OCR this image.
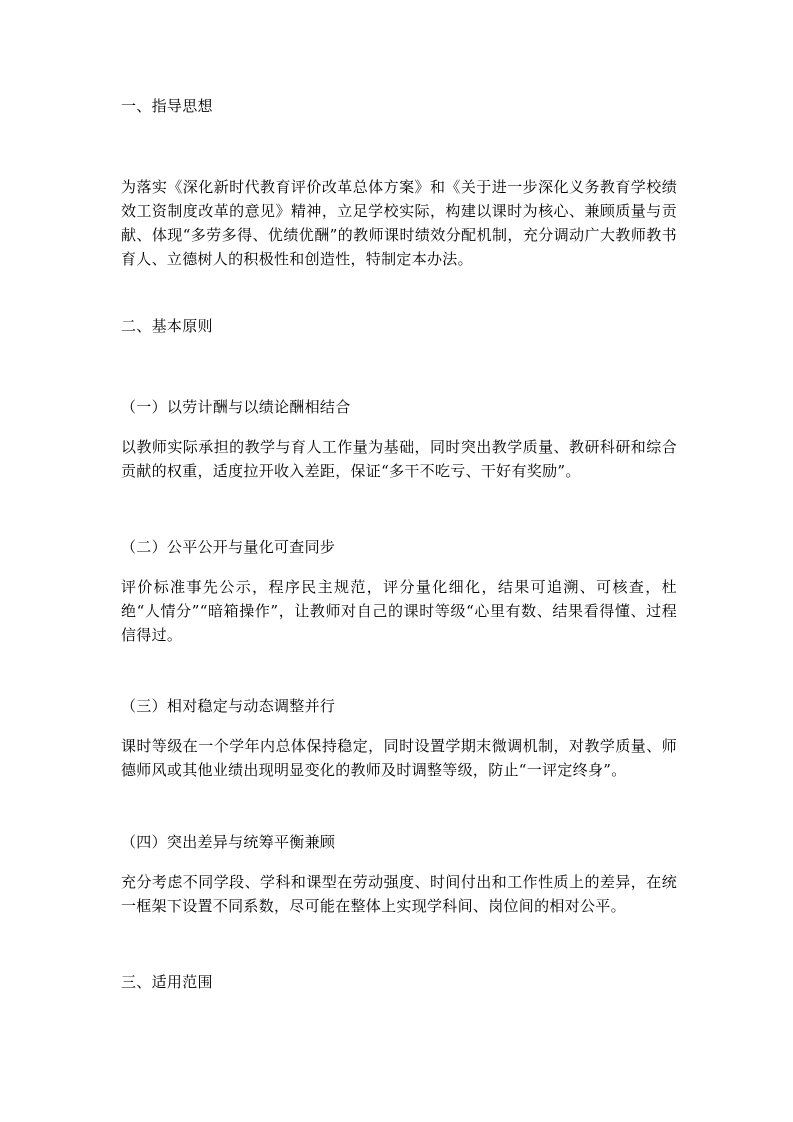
一、指导思想

为落实《深化新时代教育评价改革总体方案》和《关于进一步深化义务教育学校绩效工资制度改革的意见》精神，立足学校实际，构建以课时为核心、兼顾质量与贡献、体现“多劳多得、优绩优酬”的教师课时绩效分配机制，充分调动广大教师教书育人、立德树人的积极性和创造性，特制定本办法。

二、基本原则

（一）以劳计酬与以绩论酬相结合

以教师实际承担的教学与育人工作量为基础，同时突出教学质量、教研科研和综合贡献的权重，适度拉开收入差距，保证“多干不吃亏、干好有奖励”。

（二）公平公开与量化可查同步

评价标准事先公示，程序民主规范，评分量化细化，结果可追溯、可核查，杜绝“人情分”“暗箱操作”，让教师对自己的课时等级“心里有数、结果看得懂、过程信得过。

（三）相对稳定与动态调整并行

课时等级在一个学年内总体保持稳定，同时设置学期末微调机制，对教学质量、师德师风或其他业绩出现明显变化的教师及时调整等级，防止“一评定终身”。

（四）突出差异与统筹平衡兼顾

充分考虑不同学段、学科和课型在劳动强度、时间付出和工作性质上的差异，在统一框架下设置不同系数，尽可能在整体上实现学科间、岗位间的相对公平。

三、适用范围
